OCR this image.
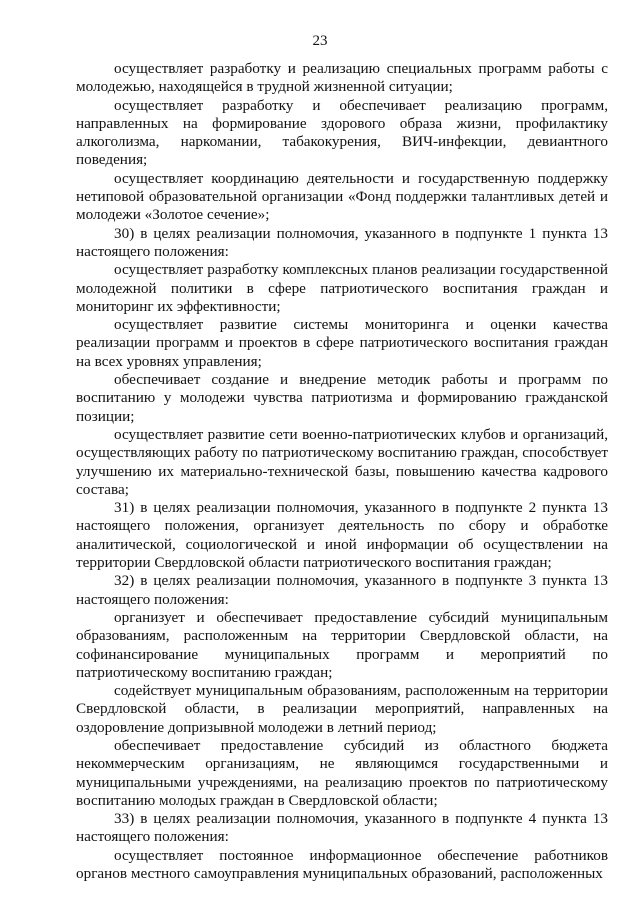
23

осуществляет разработку и реализацию специальных программ работы с молодежью, находящейся в трудной жизненной ситуации;

осуществляет разработку и обеспечивает реализацию программ, направленных на формирование здорового образа жизни, профилактику алкоголизма, наркомании, табакокурения, ВИЧ-инфекции, девиантного поведения;

осуществляет координацию деятельности и государственную поддержку нетиповой образовательной организации «Фонд поддержки талантливых детей и молодежи «Золотое сечение»;

30) в целях реализации полномочия, указанного в подпункте 1 пункта 13 настоящего положения:

осуществляет разработку комплексных планов реализации государственной молодежной политики в сфере патриотического воспитания граждан и мониторинг их эффективности;

осуществляет развитие системы мониторинга и оценки качества реализации программ и проектов в сфере патриотического воспитания граждан на всех уровнях управления;

обеспечивает создание и внедрение методик работы и программ по воспитанию у молодежи чувства патриотизма и формированию гражданской позиции;

осуществляет развитие сети военно-патриотических клубов и организаций, осуществляющих работу по патриотическому воспитанию граждан, способствует улучшению их материально-технической базы, повышению качества кадрового состава;

31) в целях реализации полномочия, указанного в подпункте 2 пункта 13 настоящего положения, организует деятельность по сбору и обработке аналитической, социологической и иной информации об осуществлении на территории Свердловской области патриотического воспитания граждан;

32) в целях реализации полномочия, указанного в подпункте 3 пункта 13 настоящего положения:

организует и обеспечивает предоставление субсидий муниципальным образованиям, расположенным на территории Свердловской области, на софинансирование муниципальных программ и мероприятий по патриотическому воспитанию граждан;

содействует муниципальным образованиям, расположенным на территории Свердловской области, в реализации мероприятий, направленных на оздоровление допризывной молодежи в летний период;

обеспечивает предоставление субсидий из областного бюджета некоммерческим организациям, не являющимся государственными и муниципальными учреждениями, на реализацию проектов по патриотическому воспитанию молодых граждан в Свердловской области;

33) в целях реализации полномочия, указанного в подпункте 4 пункта 13 настоящего положения:

осуществляет постоянное информационное обеспечение работников органов местного самоуправления муниципальных образований, расположенных
